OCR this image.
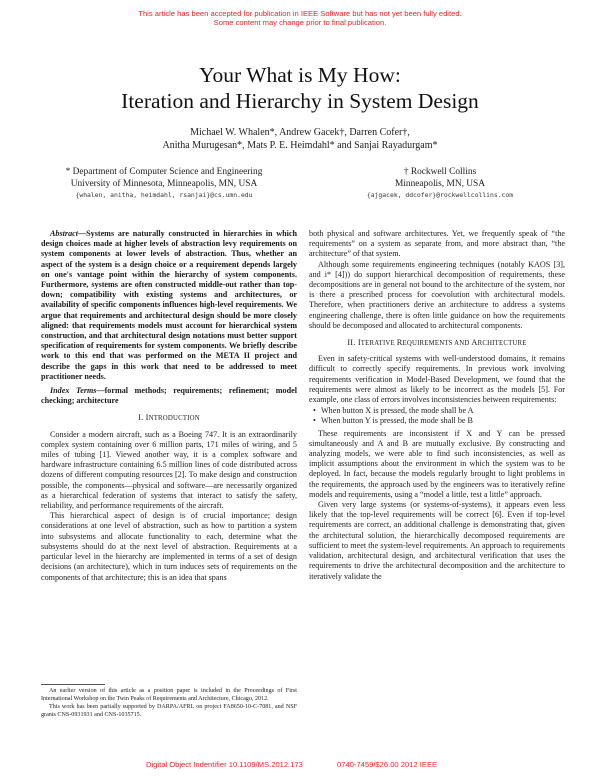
This article has been accepted for publication in IEEE Software but has not yet been fully edited.
Some content may change prior to final publication.
Your What is My How:
Iteration and Hierarchy in System Design
Michael W. Whalen*, Andrew Gacek†, Darren Cofer†,
Anitha Murugesan*, Mats P. E. Heimdahl* and Sanjai Rayadurgam*
* Department of Computer Science and Engineering
University of Minnesota, Minneapolis, MN, USA
{whalen, anitha, heimdahl, rsanjai}@cs.umn.edu
† Rockwell Collins
Minneapolis, MN, USA
{ajgacek, ddcofer}@rockwellcollins.com

Abstract—Systems are naturally constructed in hierarchies in which design choices made at higher levels of abstraction levy requirements on system components at lower levels of abstraction. Thus, whether an aspect of the system is a design choice or a requirement depends largely on one's vantage point within the hierarchy of system components. Furthermore, systems are often constructed middle-out rather than top-down; compatibility with existing systems and architectures, or availability of specific components influences high-level requirements. We argue that requirements and architectural design should be more closely aligned: that requirements models must account for hierarchical system construction, and that architectural design notations must better support specification of requirements for system components. We briefly describe work to this end that was performed on the META II project and describe the gaps in this work that need to be addressed to meet practitioner needs.

Index Terms—formal methods; requirements; refinement; model checking; architecture

I. INTRODUCTION

Consider a modern aircraft, such as a Boeing 747. It is an extraordinarily complex system containing over 6 million parts, 171 miles of wiring, and 5 miles of tubing [1]. Viewed another way, it is a complex software and hardware infrastructure containing 6.5 million lines of code distributed across dozens of different computing resources [2]. To make design and construction possible, the components—physical and software—are necessarily organized as a hierarchical federation of systems that interact to satisfy the safety, reliability, and performance requirements of the aircraft.

This hierarchical aspect of design is of crucial importance; design considerations at one level of abstraction, such as how to partition a system into subsystems and allocate functionality to each, determine what the subsystems should do at the next level of abstraction. Requirements at a particular level in the hierarchy are implemented in terms of a set of design decisions (an architecture), which in turn induces sets of requirements on the components of that architecture; this is an idea that spans

An earlier version of this article as a position paper is included in the Proceedings of First International Workshop on the Twin Peaks of Requirements and Architecture, Chicago, 2012.

This work has been partially supported by DARPA/AFRL on project FA8650-10-C-7081, and NSF grants CNS-0931931 and CNS-1035715.

both physical and software architectures. Yet, we frequently speak of “the requirements” on a system as separate from, and more abstract than, “the architecture” of that system.

Although some requirements engineering techniques (notably KAOS [3], and i* [4])) do support hierarchical decomposition of requirements, these decompositions are in general not bound to the architecture of the system, nor is there a prescribed process for coevolution with architectural models. Therefore, when practitioners derive an architecture to address a systems engineering challenge, there is often little guidance on how the requirements should be decomposed and allocated to architectural components.

II. ITERATIVE REQUIREMENTS AND ARCHITECTURE

Even in safety-critical systems with well-understood domains, it remains difficult to correctly specify requirements. In previous work involving requirements verification in Model-Based Development, we found that the requirements were almost as likely to be incorrect as the models [5]. For example, one class of errors involves inconsistencies between requirements:

• When button X is pressed, the mode shall be A
• When button Y is pressed, the mode shall be B

These requirements are inconsistent if X and Y can be pressed simultaneously and A and B are mutually exclusive. By constructing and analyzing models, we were able to find such inconsistencies, as well as implicit assumptions about the environment in which the system was to be deployed. In fact, because the models regularly brought to light problems in the requirements, the approach used by the engineers was to iteratively refine models and requirements, using a “model a little, test a little” approach.

Given very large systems (or systems-of-systems), it appears even less likely that the top-level requirements will be correct [6]. Even if top-level requirements are correct, an additional challenge is demonstrating that, given the architectural solution, the hierarchically decomposed requirements are sufficient to meet the system-level requirements. An approach to requirements validation, architectural design, and architectural verification that uses the requirements to drive the architectural decomposition and the architecture to iteratively validate the

Digital Object Indentifier 10.1109/MS.2012.173	0740-7459/$26.00 2012 IEEE
